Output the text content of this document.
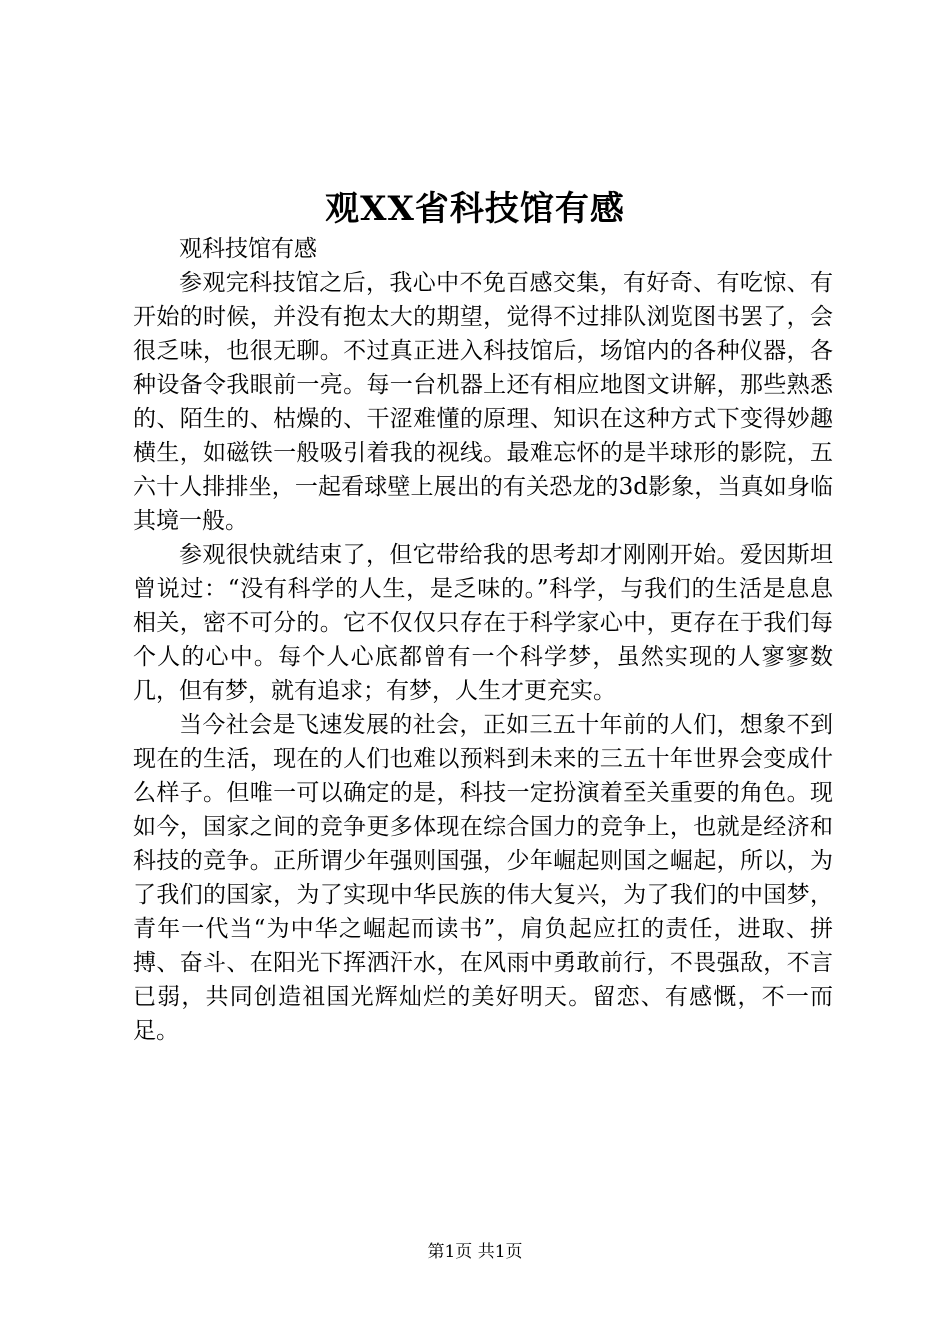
观XX省科技馆有感

观科技馆有感

参观完科技馆之后，我心中不免百感交集，有好奇、有吃惊、有开始的时候，并没有抱太大的期望，觉得不过排队浏览图书罢了，会很乏味，也很无聊。不过真正进入科技馆后，场馆内的各种仪器，各种设备令我眼前一亮。每一台机器上还有相应地图文讲解，那些熟悉的、陌生的、枯燥的、干涩难懂的原理、知识在这种方式下变得妙趣横生，如磁铁一般吸引着我的视线。最难忘怀的是半球形的影院，五六十人排排坐，一起看球壁上展出的有关恐龙的3d影象，当真如身临其境一般。

参观很快就结束了，但它带给我的思考却才刚刚开始。爱因斯坦曾说过：“没有科学的人生，是乏味的。”科学，与我们的生活是息息相关，密不可分的。它不仅仅只存在于科学家心中，更存在于我们每个人的心中。每个人心底都曾有一个科学梦，虽然实现的人寥寥数几，但有梦，就有追求；有梦，人生才更充实。

当今社会是飞速发展的社会，正如三五十年前的人们，想象不到现在的生活，现在的人们也难以预料到未来的三五十年世界会变成什么样子。但唯一可以确定的是，科技一定扮演着至关重要的角色。现如今，国家之间的竞争更多体现在综合国力的竞争上，也就是经济和科技的竞争。正所谓少年强则国强，少年崛起则国之崛起，所以，为了我们的国家，为了实现中华民族的伟大复兴，为了我们的中国梦，青年一代当“为中华之崛起而读书”，肩负起应扛的责任，进取、拼搏、奋斗、在阳光下挥洒汗水，在风雨中勇敢前行，不畏强敌，不言已弱，共同创造祖国光辉灿烂的美好明天。留恋、有感慨，不一而足。

第1页 共1页
